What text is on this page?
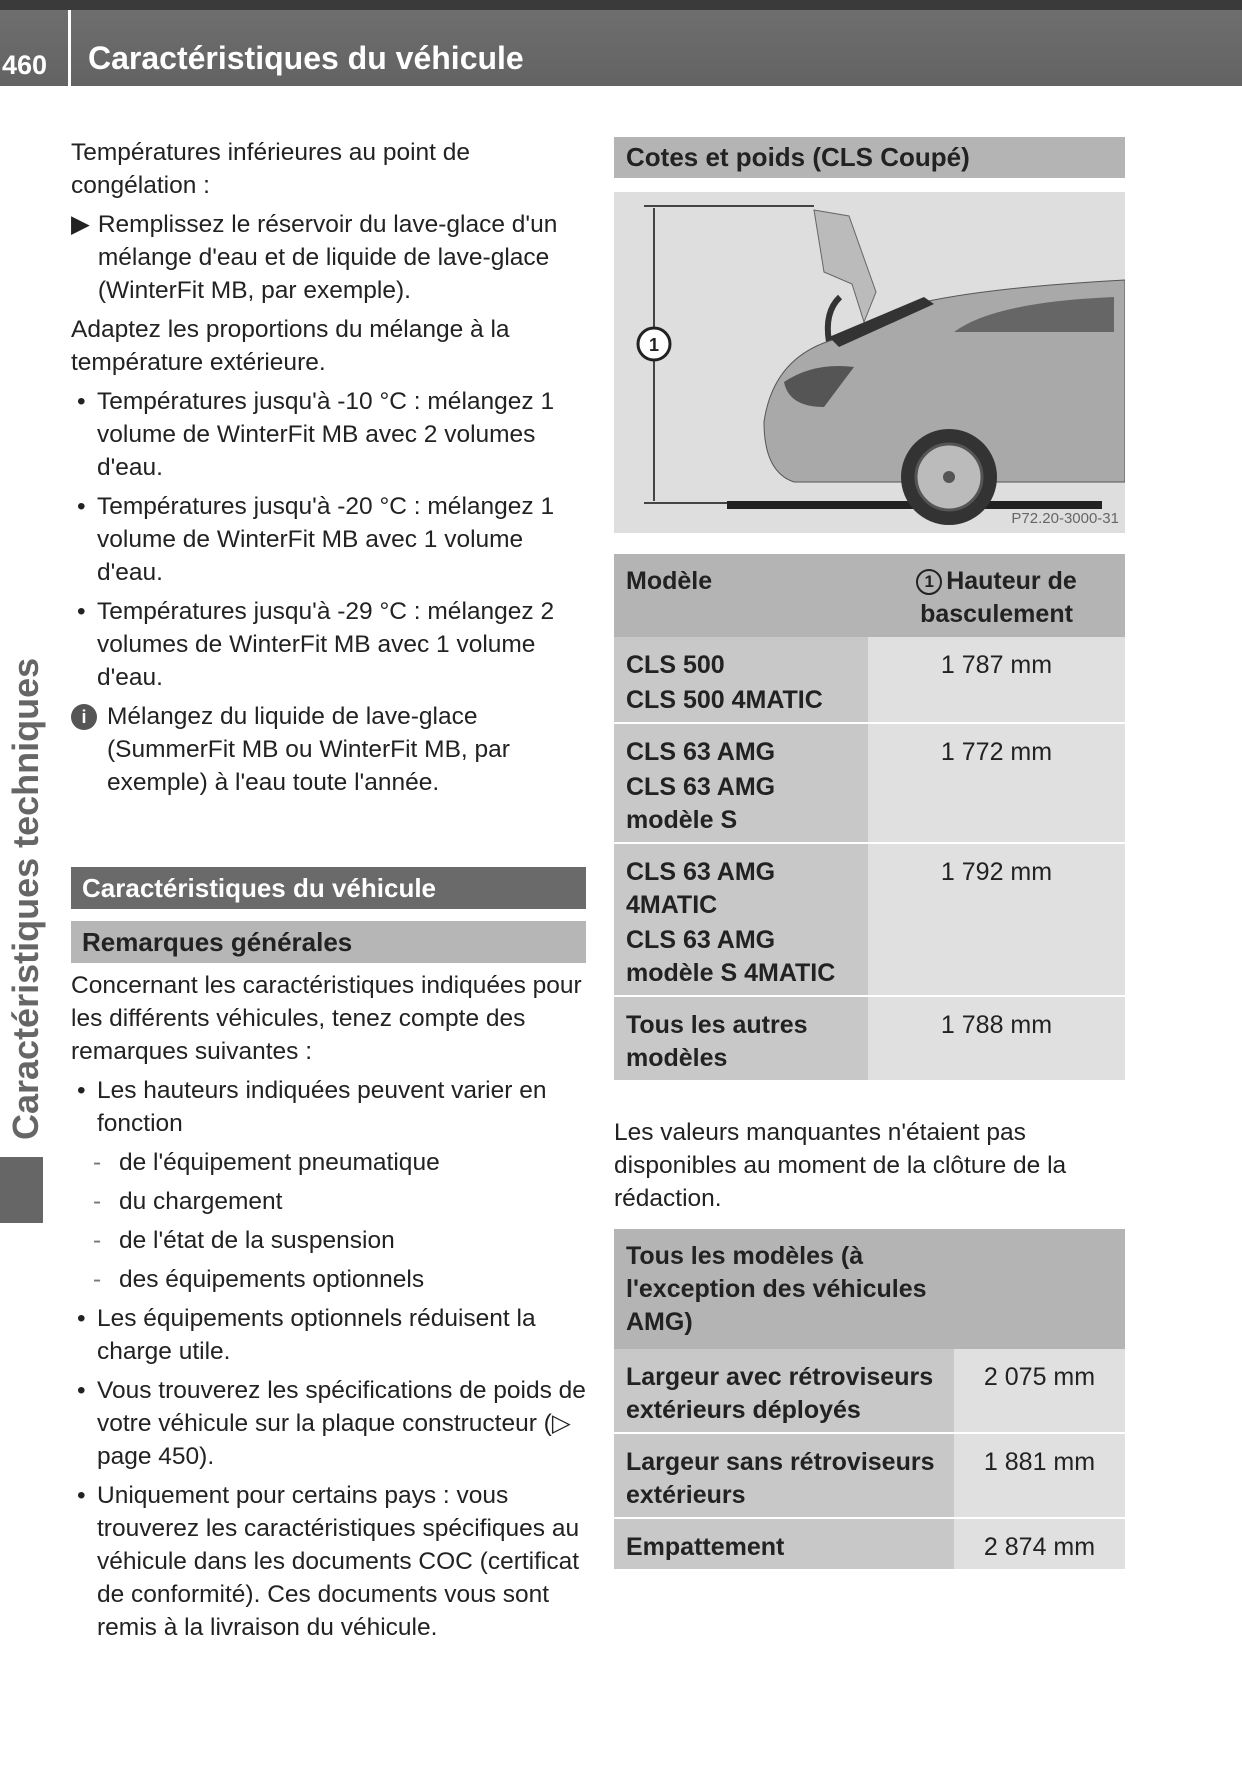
460 Caractéristiques du véhicule
Caractéristiques techniques

Températures inférieures au point de congélation :

▶ Remplissez le réservoir du lave-glace d'un mélange d'eau et de liquide de lave-glace (WinterFit MB, par exemple).

Adaptez les proportions du mélange à la température extérieure.

• Températures jusqu'à -10 °C : mélangez 1 volume de WinterFit MB avec 2 volumes d'eau.
• Températures jusqu'à -20 °C : mélangez 1 volume de WinterFit MB avec 1 volume d'eau.
• Températures jusqu'à -29 °C : mélangez 2 volumes de WinterFit MB avec 1 volume d'eau.
i Mélangez du liquide de lave-glace (SummerFit MB ou WinterFit MB, par exemple) à l'eau toute l'année.
Caractéristiques du véhicule
Remarques générales

Concernant les caractéristiques indiquées pour les différents véhicules, tenez compte des remarques suivantes :

• Les hauteurs indiquées peuvent varier en fonction
- de l'équipement pneumatique
- du chargement
- de l'état de la suspension
- des équipements optionnels
• Les équipements optionnels réduisent la charge utile.
• Vous trouverez les spécifications de poids de votre véhicule sur la plaque constructeur (▷ page 450).
• Uniquement pour certains pays : vous trouverez les caractéristiques spécifiques au véhicule dans les documents COC (certificat de conformité). Ces documents vous sont remis à la livraison du véhicule.
Cotes et poids (CLS Coupé)
1
P72.20-3000-31
Modèle	1 Hauteur de basculement

CLS 500
CLS 500 4MATIC	1 787 mm

CLS 63 AMG
CLS 63 AMG modèle S	1 772 mm

CLS 63 AMG 4MATIC
CLS 63 AMG modèle S 4MATIC	1 792 mm

Tous les autres modèles	1 788 mm

Les valeurs manquantes n'étaient pas disponibles au moment de la clôture de la rédaction.

Tous les modèles (à l'exception des véhicules AMG)	
Largeur avec rétroviseurs extérieurs déployés	2 075 mm
Largeur sans rétroviseurs extérieurs	1 881 mm
Empattement	2 874 mm
